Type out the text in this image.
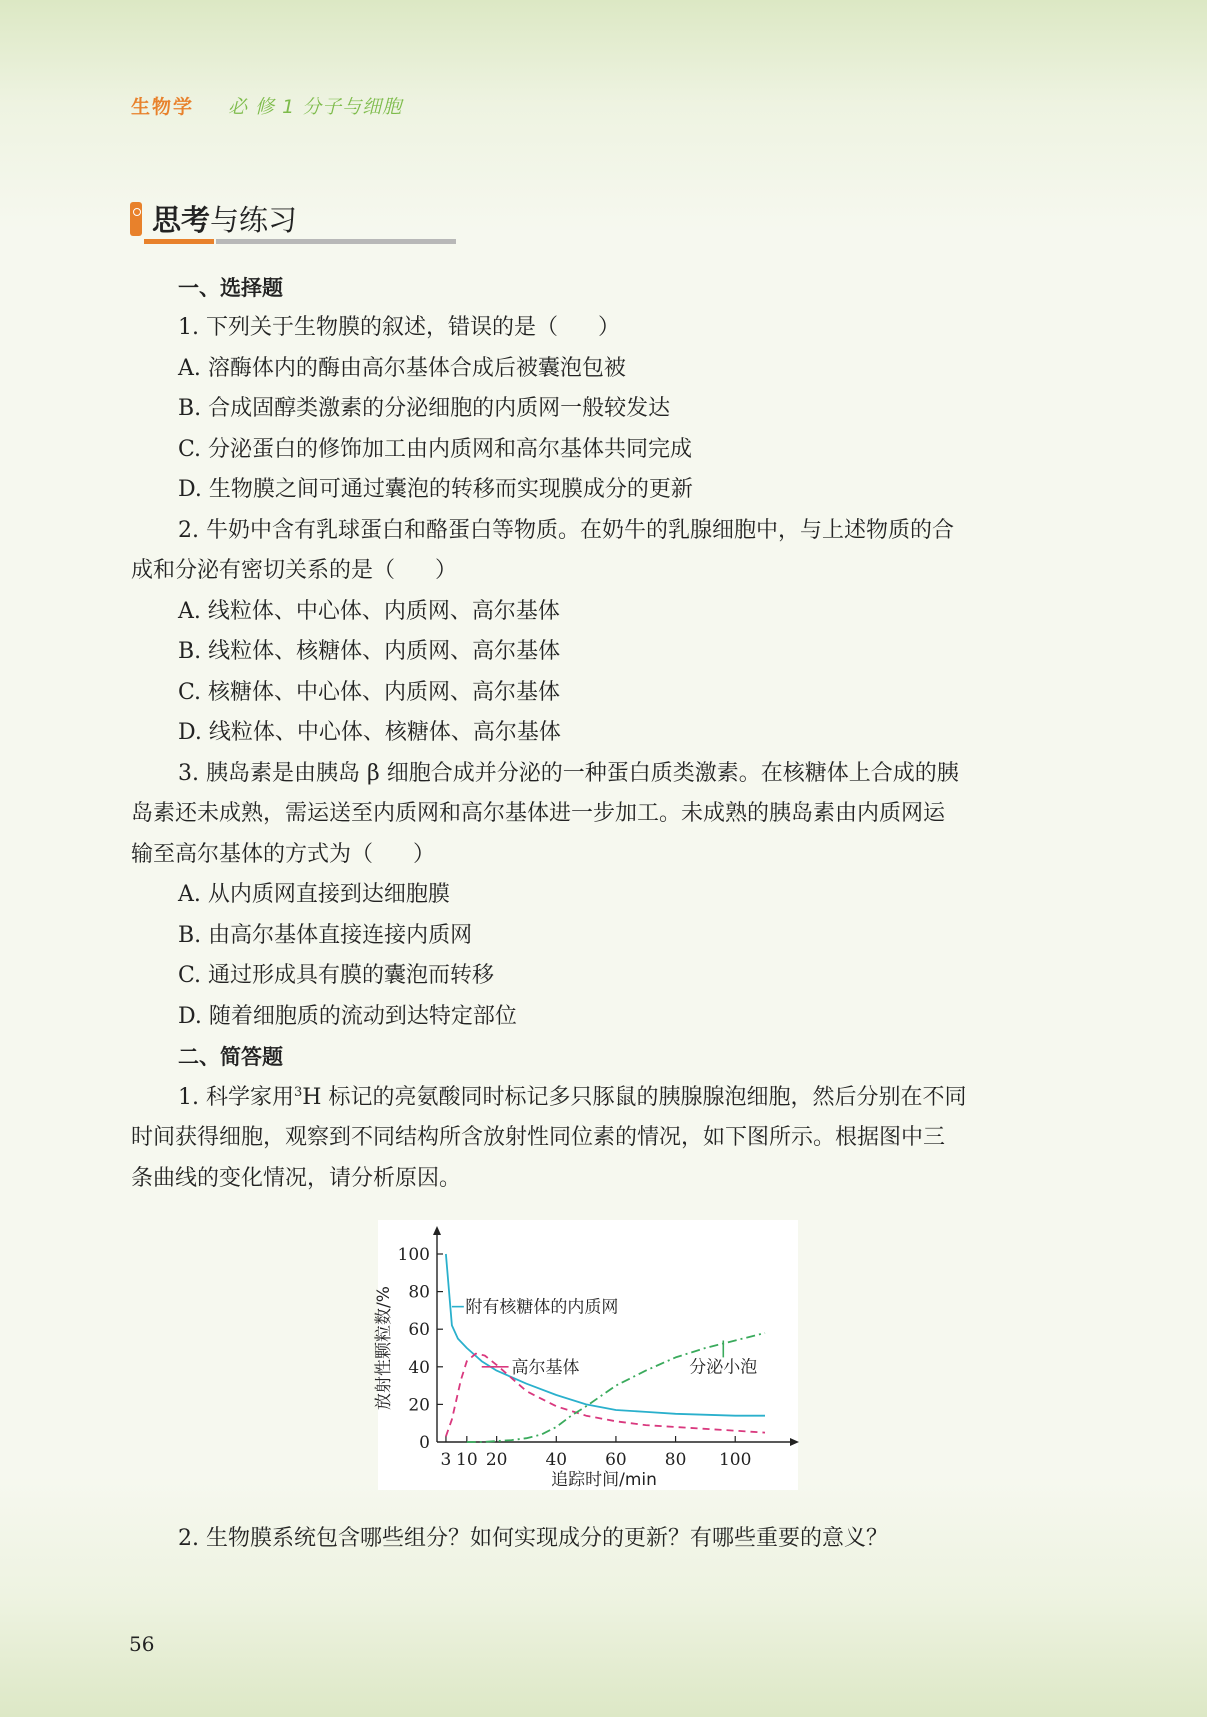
生物学 必 修 1 分子与细胞
思考与练习
一、选择题
1. 下列关于生物膜的叙述，错误的是（ ）
A. 溶酶体内的酶由高尔基体合成后被囊泡包被
B. 合成固醇类激素的分泌细胞的内质网一般较发达
C. 分泌蛋白的修饰加工由内质网和高尔基体共同完成
D. 生物膜之间可通过囊泡的转移而实现膜成分的更新
2. 牛奶中含有乳球蛋白和酪蛋白等物质。在奶牛的乳腺细胞中，与上述物质的合
成和分泌有密切关系的是（ ）
A. 线粒体、中心体、内质网、高尔基体
B. 线粒体、核糖体、内质网、高尔基体
C. 核糖体、中心体、内质网、高尔基体
D. 线粒体、中心体、核糖体、高尔基体
3. 胰岛素是由胰岛 β 细胞合成并分泌的一种蛋白质类激素。在核糖体上合成的胰
岛素还未成熟，需运送至内质网和高尔基体进一步加工。未成熟的胰岛素由内质网运
输至高尔基体的方式为（ ）
A. 从内质网直接到达细胞膜
B. 由高尔基体直接连接内质网
C. 通过形成具有膜的囊泡而转移
D. 随着细胞质的流动到达特定部位
二、简答题
1. 科学家用$^3$H 标记的亮氨酸同时标记多只豚鼠的胰腺腺泡细胞，然后分别在不同
时间获得细胞，观察到不同结构所含放射性同位素的情况，如下图所示。根据图中三
条曲线的变化情况，请分析原因。
2. 生物膜系统包含哪些组分？如何实现成分的更新？有哪些重要的意义？
0
20
40
60
80
100
3 10 20 40 60 80 100
追踪时间/min
放射性颗粒数/%	附有核糖体的内质网
高尔基体	分泌小泡
56
